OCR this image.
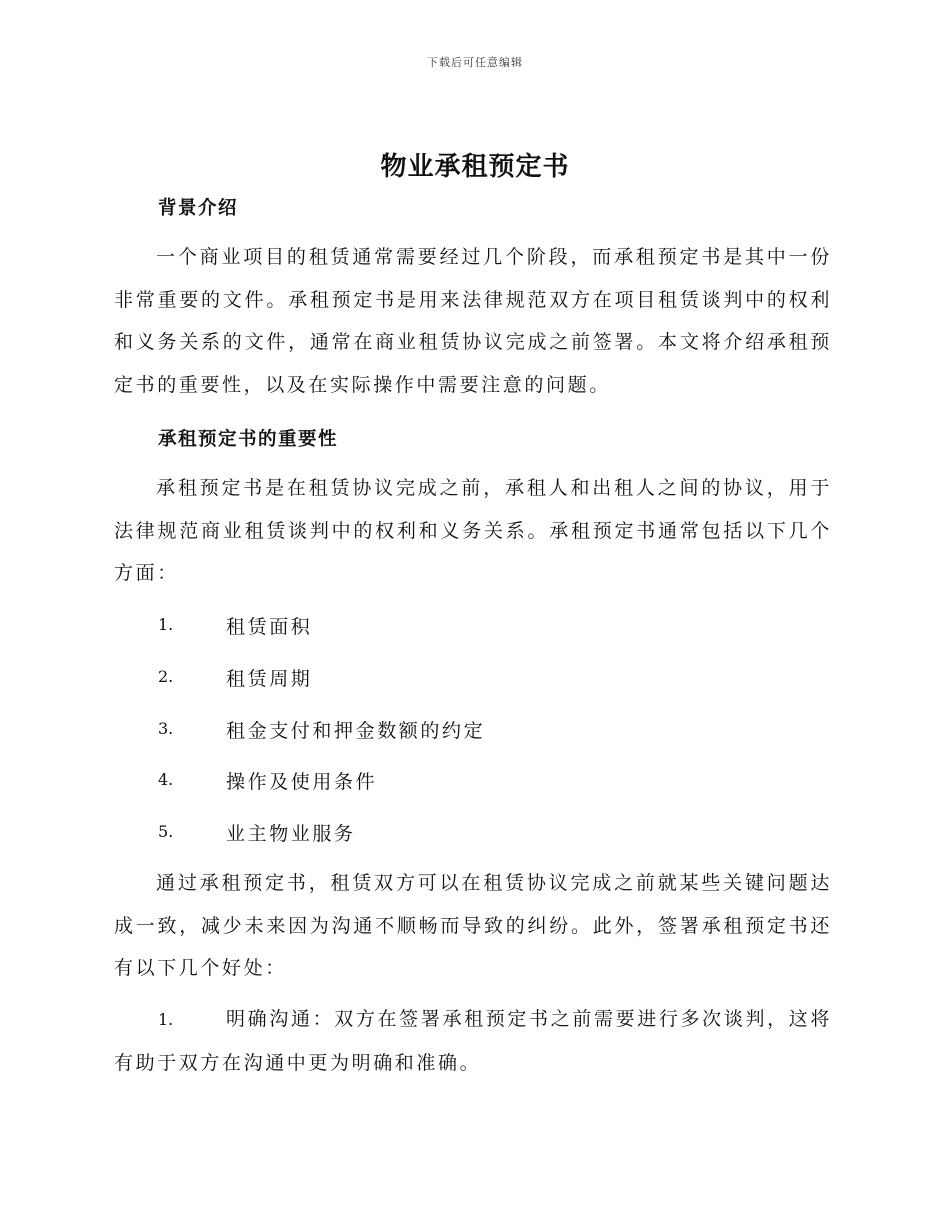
下载后可任意编辑
物业承租预定书
背景介绍

一个商业项目的租赁通常需要经过几个阶段，而承租预定书是其中一份非常重要的文件。承租预定书是用来法律规范双方在项目租赁谈判中的权利和义务关系的文件，通常在商业租赁协议完成之前签署。本文将介绍承租预定书的重要性，以及在实际操作中需要注意的问题。

承租预定书的重要性

承租预定书是在租赁协议完成之前，承租人和出租人之间的协议，用于法律规范商业租赁谈判中的权利和义务关系。承租预定书通常包括以下几个方面：

1.	租赁面积
2.	租赁周期
3.	租金支付和押金数额的约定
4.	操作及使用条件
5.	业主物业服务

通过承租预定书，租赁双方可以在租赁协议完成之前就某些关键问题达成一致，减少未来因为沟通不顺畅而导致的纠纷。此外，签署承租预定书还有以下几个好处：

1.	明确沟通：双方在签署承租预定书之前需要进行多次谈判，这将有助于双方在沟通中更为明确和准确。
